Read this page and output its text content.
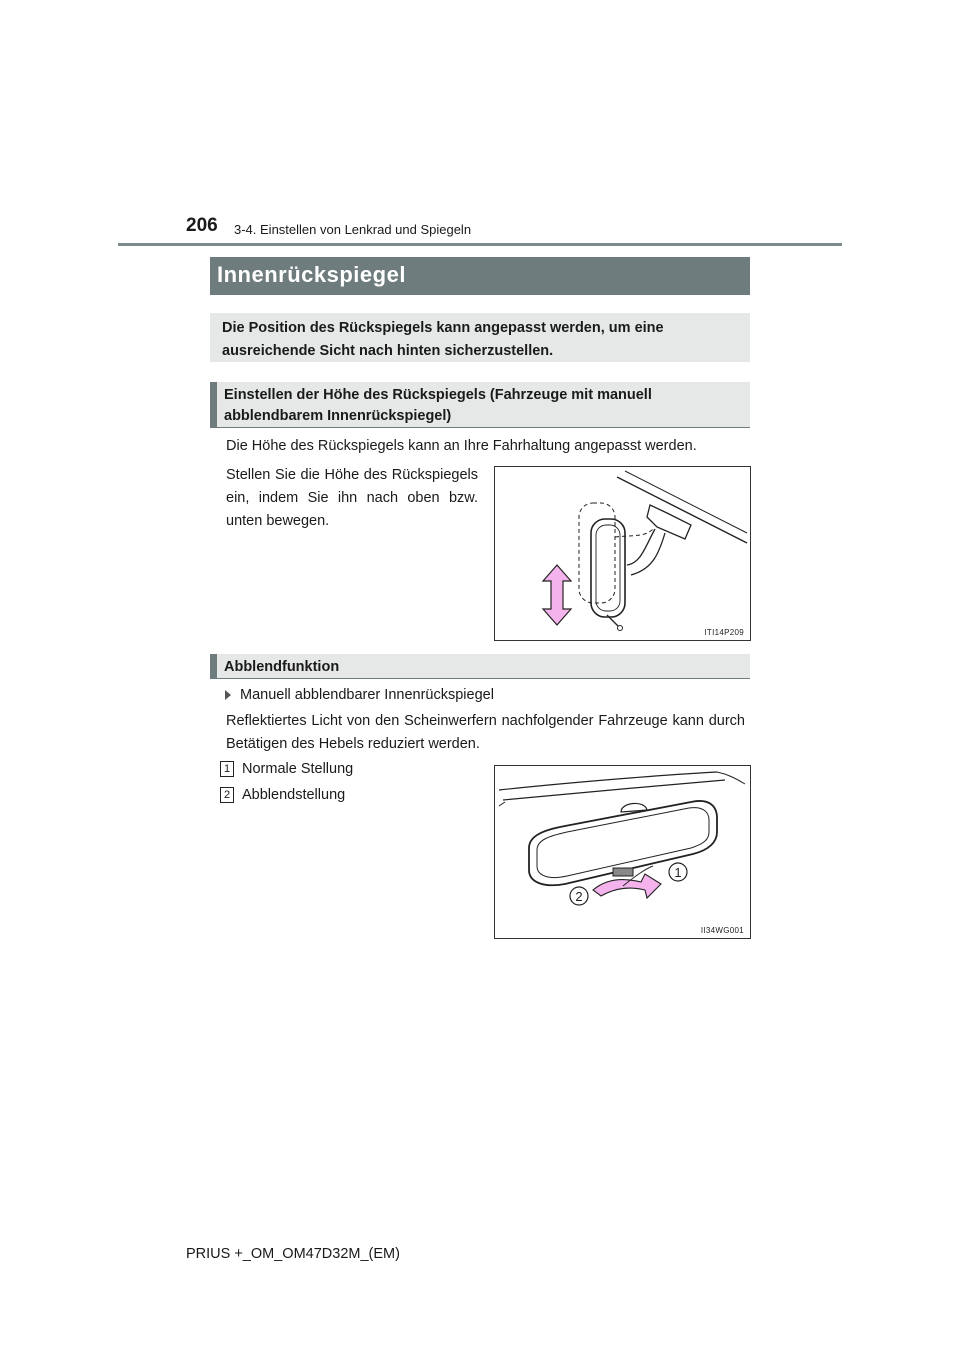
206 3-4. Einstellen von Lenkrad und Spiegeln
Innenrückspiegel
Die Position des Rückspiegels kann angepasst werden, um eine ausreichende Sicht nach hinten sicherzustellen.
Einstellen der Höhe des Rückspiegels (Fahrzeuge mit manuell abblendbarem Innenrückspiegel)
Die Höhe des Rückspiegels kann an Ihre Fahrhaltung angepasst werden.
Stellen Sie die Höhe des Rückspiegels ein, indem Sie ihn nach oben bzw. unten bewegen.
ITI14P209
Abblendfunktion
Manuell abblendbarer Innenrückspiegel
Reflektiertes Licht von den Scheinwerfern nachfolgender Fahrzeuge kann durch Betätigen des Hebels reduziert werden.
1 Normale Stellung
2 Abblendstellung
1
2
II34WG001
PRIUS +_OM_OM47D32M_(EM)
